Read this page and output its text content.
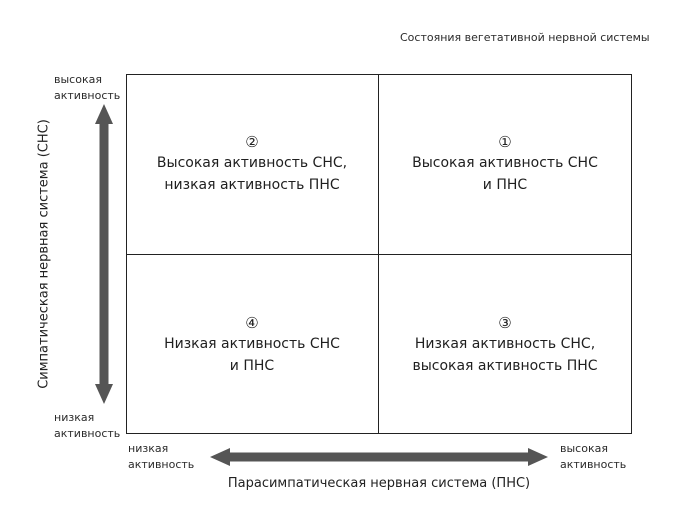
Состояния вегетативной нервной системы
высокая
активность
низкая
активность
Симпатическая нервная система (СНС)	②
Высокая активность СНС,
низкая активность ПНС
①
Высокая активность СНС
и ПНС
④
Низкая активность СНС
и ПНС
③
Низкая активность СНС,
высокая активность ПНС
низкая
активность
высокая
активность
Парасимпатическая нервная система (ПНС)
